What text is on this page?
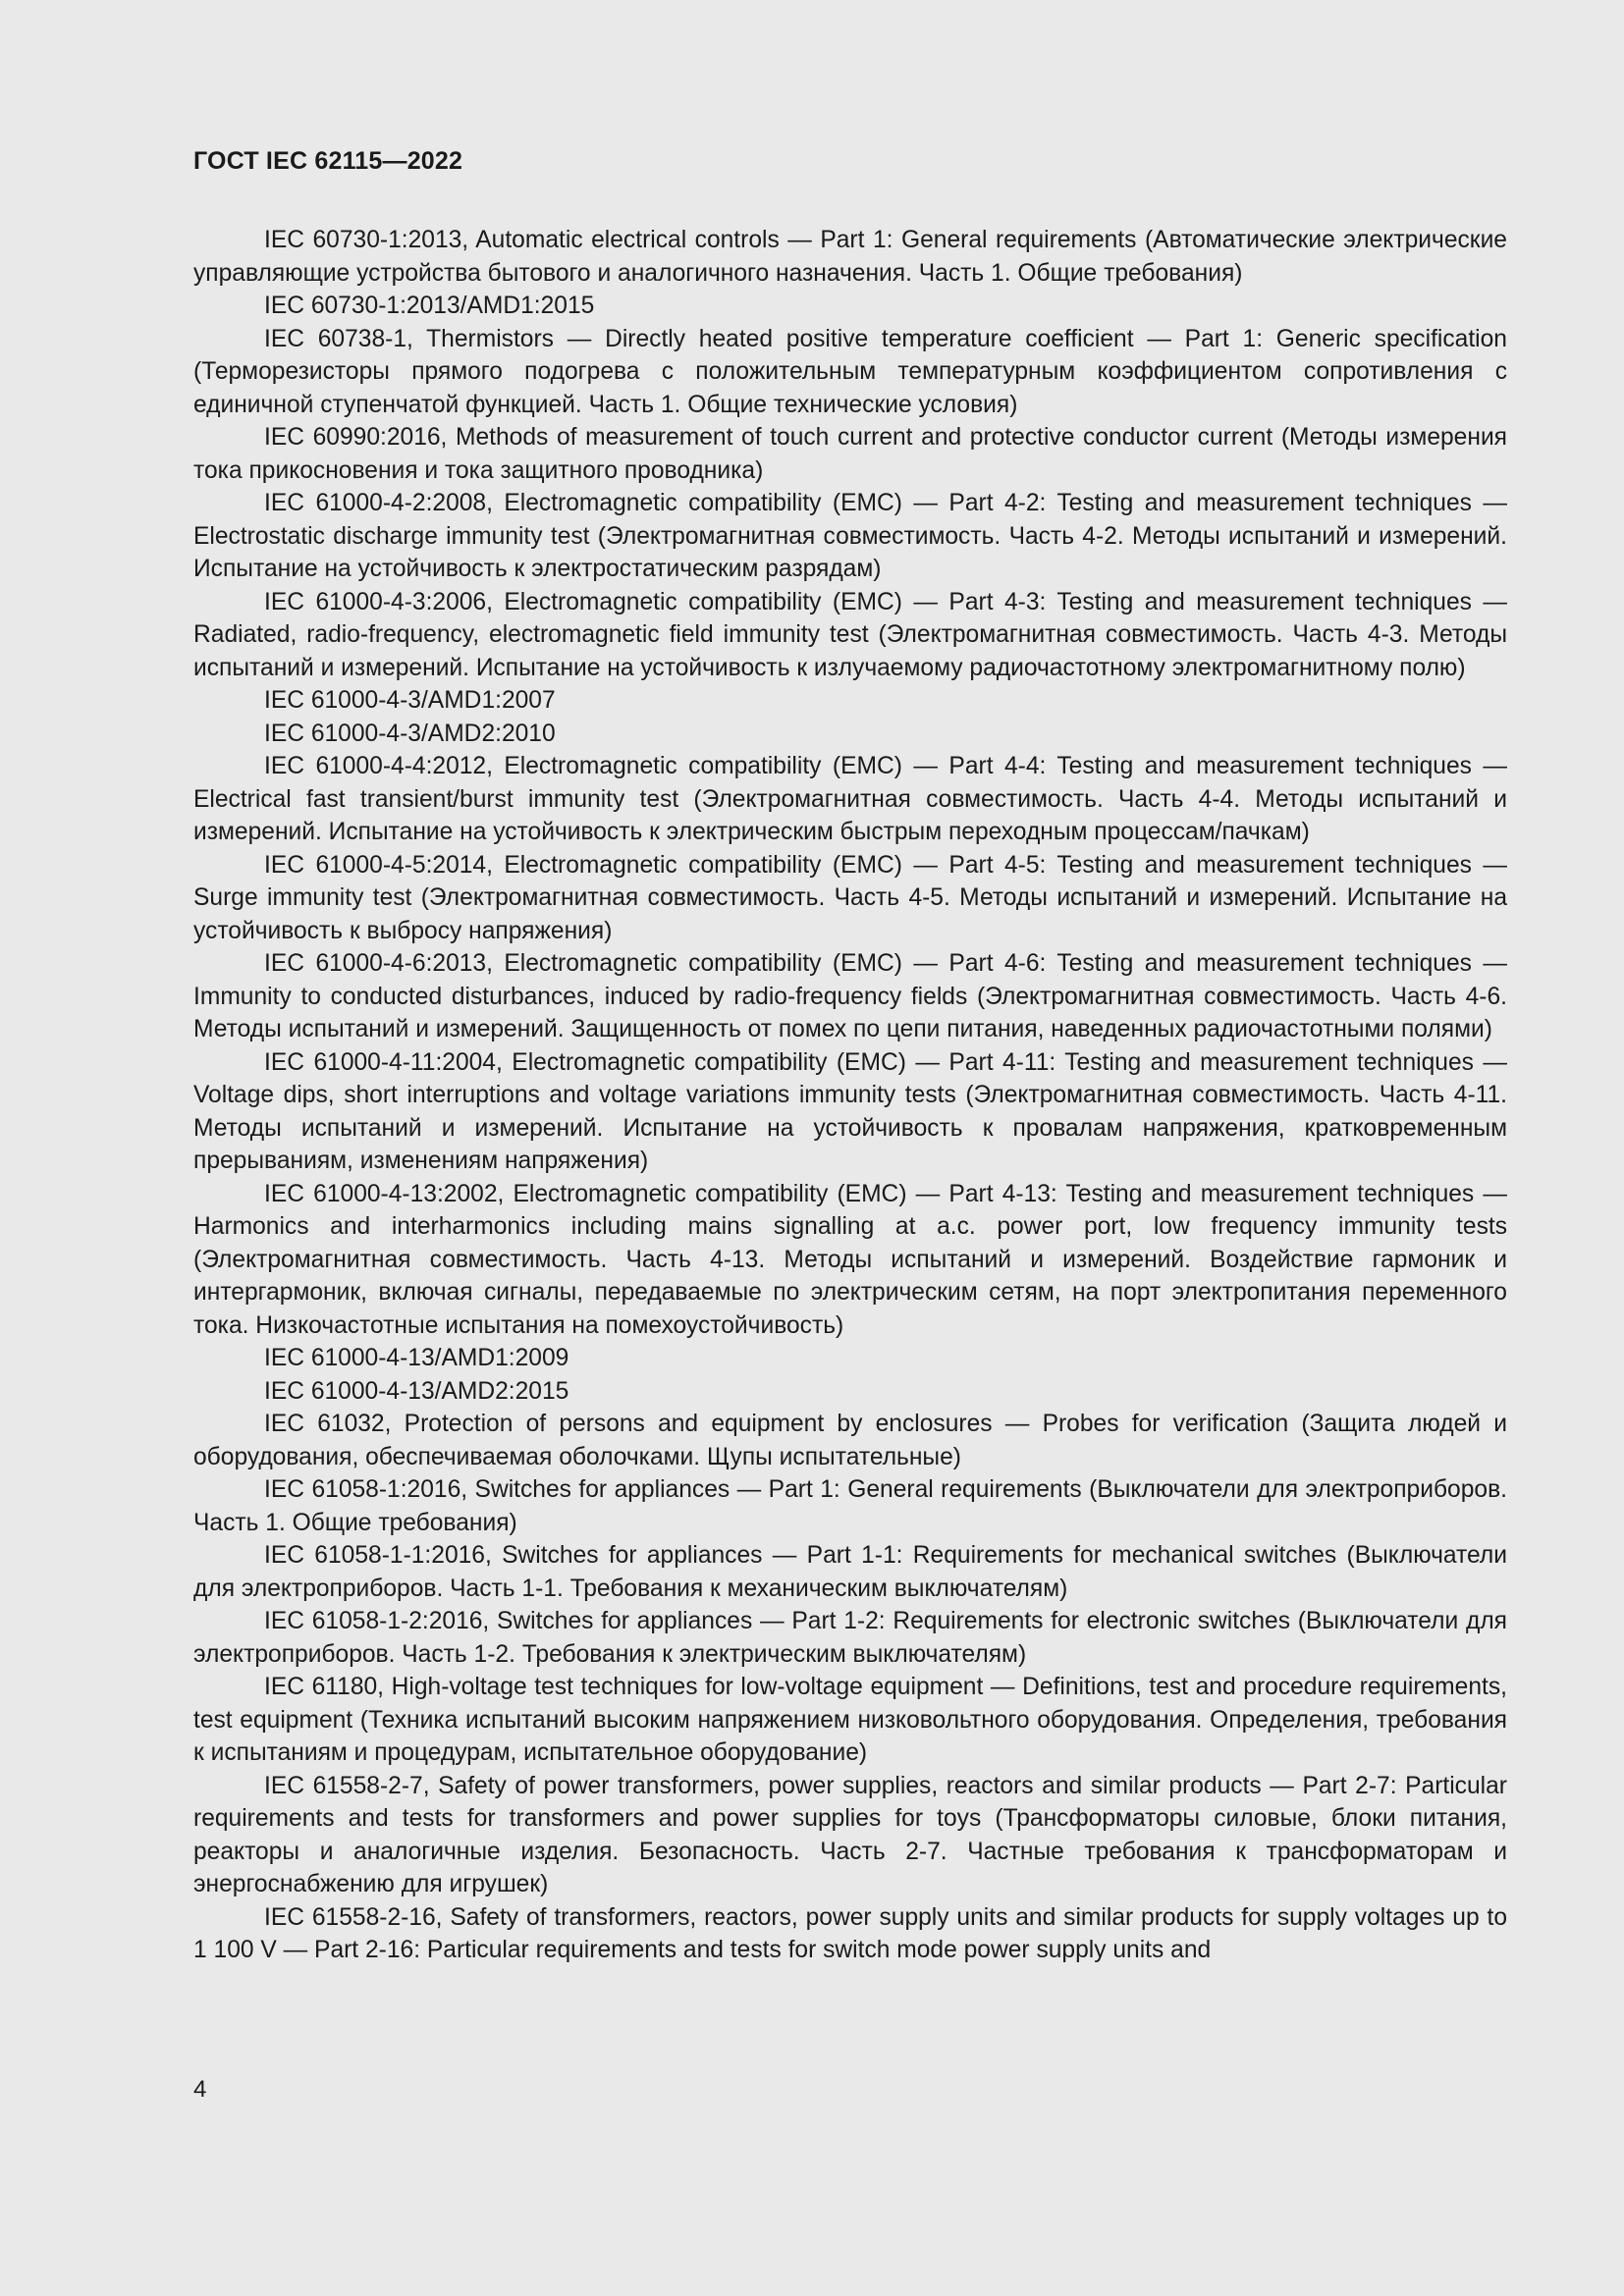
ГОСТ IEC 62115—2022

IEC 60730-1:2013, Automatic electrical controls — Part 1: General requirements (Автоматические электрические управляющие устройства бытового и аналогичного назначения. Часть 1. Общие требования)

IEC 60730-1:2013/AMD1:2015

IEC 60738-1, Thermistors — Directly heated positive temperature coefficient — Part 1: Generic specification (Терморезисторы прямого подогрева с положительным температурным коэффициентом сопротивления с единичной ступенчатой функцией. Часть 1. Общие технические условия)

IEC 60990:2016, Methods of measurement of touch current and protective conductor current (Методы измерения тока прикосновения и тока защитного проводника)

IEC 61000-4-2:2008, Electromagnetic compatibility (EMC) — Part 4-2: Testing and measurement techniques — Electrostatic discharge immunity test (Электромагнитная совместимость. Часть 4-2. Методы испытаний и измерений. Испытание на устойчивость к электростатическим разрядам)

IEC 61000-4-3:2006, Electromagnetic compatibility (EMC) — Part 4-3: Testing and measurement techniques — Radiated, radio-frequency, electromagnetic field immunity test (Электромагнитная совместимость. Часть 4-3. Методы испытаний и измерений. Испытание на устойчивость к излучаемому радиочастотному электромагнитному полю)

IEC 61000-4-3/AMD1:2007

IEC 61000-4-3/AMD2:2010

IEC 61000-4-4:2012, Electromagnetic compatibility (EMC) — Part 4-4: Testing and measurement techniques — Electrical fast transient/burst immunity test (Электромагнитная совместимость. Часть 4-4. Методы испытаний и измерений. Испытание на устойчивость к электрическим быстрым переходным процессам/пачкам)

IEC 61000-4-5:2014, Electromagnetic compatibility (EMC) — Part 4-5: Testing and measurement techniques — Surge immunity test (Электромагнитная совместимость. Часть 4-5. Методы испытаний и измерений. Испытание на устойчивость к выбросу напряжения)

IEC 61000-4-6:2013, Electromagnetic compatibility (EMC) — Part 4-6: Testing and measurement techniques — Immunity to conducted disturbances, induced by radio-frequency fields (Электромагнитная совместимость. Часть 4-6. Методы испытаний и измерений. Защищенность от помех по цепи питания, наведенных радиочастотными полями)

IEC 61000-4-11:2004, Electromagnetic compatibility (EMC) — Part 4-11: Testing and measurement techniques — Voltage dips, short interruptions and voltage variations immunity tests (Электромагнитная совместимость. Часть 4-11. Методы испытаний и измерений. Испытание на устойчивость к провалам напряжения, кратковременным прерываниям, изменениям напряжения)

IEC 61000-4-13:2002, Electromagnetic compatibility (EMC) — Part 4-13: Testing and measurement techniques — Harmonics and interharmonics including mains signalling at a.c. power port, low frequency immunity tests (Электромагнитная совместимость. Часть 4-13. Методы испытаний и измерений. Воздействие гармоник и интергармоник, включая сигналы, передаваемые по электрическим сетям, на порт электропитания переменного тока. Низкочастотные испытания на помехоустойчивость)

IEC 61000-4-13/AMD1:2009

IEC 61000-4-13/AMD2:2015

IEC 61032, Protection of persons and equipment by enclosures — Probes for verification (Защита людей и оборудования, обеспечиваемая оболочками. Щупы испытательные)

IEC 61058-1:2016, Switches for appliances — Part 1: General requirements (Выключатели для электроприборов. Часть 1. Общие требования)

IEC 61058-1-1:2016, Switches for appliances — Part 1-1: Requirements for mechanical switches (Выключатели для электроприборов. Часть 1-1. Требования к механическим выключателям)

IEC 61058-1-2:2016, Switches for appliances — Part 1-2: Requirements for electronic switches (Выключатели для электроприборов. Часть 1-2. Требования к электрическим выключателям)

IEC 61180, High-voltage test techniques for low-voltage equipment — Definitions, test and procedure requirements, test equipment (Техника испытаний высоким напряжением низковольтного оборудования. Определения, требования к испытаниям и процедурам, испытательное оборудование)

IEC 61558-2-7, Safety of power transformers, power supplies, reactors and similar products — Part 2-7: Particular requirements and tests for transformers and power supplies for toys (Трансформаторы силовые, блоки питания, реакторы и аналогичные изделия. Безопасность. Часть 2-7. Частные требования к трансформаторам и энергоснабжению для игрушек)

IEC 61558-2-16, Safety of transformers, reactors, power supply units and similar products for supply voltages up to 1 100 V — Part 2-16: Particular requirements and tests for switch mode power supply units and

4
